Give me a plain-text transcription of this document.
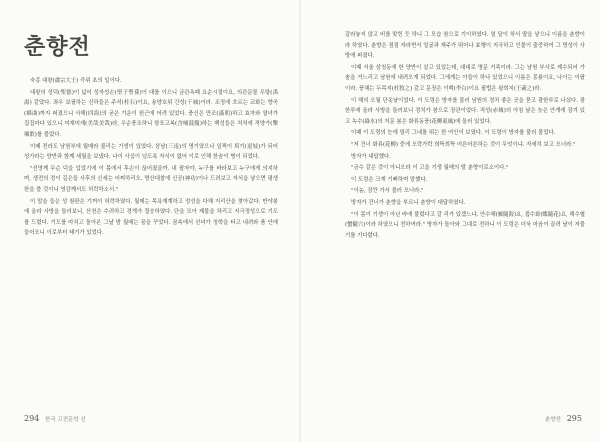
춘향전

숙종 대왕(肅宗大王) 즉위 초의 일이다.

대왕의 성덕(聖德)이 넓어 성자성손(聖子聖孫)이 대를 이으니 금관옥패 요순시절이요, 의관문물 우탕(禹湯) 같았다. 좌우 보필하는 신하들은 주석(柱石)이요, 용양호위 간성(干城)이라. 조정에 흐르는 교화는 향곡(鄕曲)까지 퍼졌으니 사해(四海)의 굳은 기운이 원근에 어려 있었다. 충신은 만조(滿朝)하고 효자와 열녀가 집집마다 있으니 미재미재(美哉美哉)라, 우순풍조하니 함포고복(含哺鼓腹)하는 백성들은 처처에 격양가(擊壤歌)를 불렀다.

이때 전라도 남원부에 월매라 불리는 기생이 있었다. 삼남(三南)의 명기였으나 일찍이 퇴기(退妓)가 되어 성가라는 양반과 함께 세월을 보냈다. 나이 사십이 넘도록 자식이 없어 이로 인해 한숨이 병이 되었다.

"선영께 무슨 덕을 입었기에 이 몸에서 후손이 끊어졌을까. 내 팔자야, 누구를 바라보고 누구에게 의지하며, 생전의 정이 깊은들 사후의 신세는 어찌하리오. 명산대찰에 신공(神功)이나 드려보고 자식을 낳으면 평생 한을 풀 것이니 영감께서도 허락하소서."

이 말을 들은 성 참판은 기꺼이 허락하였다. 월매는 목욕재계하고 정성을 다해 지리산을 찾아갔다. 반야봉에 올라 사방을 둘러보니, 산천은 수려하고 경개가 절승하였다. 단을 모아 제물을 차리고 지극정성으로 기도를 드렸다. 기도를 마치고 돌아온 그날 밤 월매는 꿈을 꾸었다. 꿈속에서 선녀가 청학을 타고 내려와 품 안에 들어오니 이로부터 태기가 있었다.

294 한국 고전문학 선

갈라놓지 않고 비를 맞힌 듯 하니 그 모습 참으로 기이하였다. 열 달이 차서 딸을 낳으니 이름을 춘향이라 하였다. 춘향은 점점 자라면서 얼굴과 재주가 뛰어나 효행이 지극하고 인물이 출중하여 그 명성이 사방에 퍼졌다.

이때 서울 삼청동에 한 양반이 살고 있었는데, 대대로 명문 거족이라. 그는 남원 부사로 제수되어 가솔을 거느리고 남원에 내려오게 되었다. 그에게는 아들이 하나 있었으니 이름은 몽룡이요, 나이는 이팔이라. 풍채는 두목지(杜牧之) 같고 문장은 이백(李白)이요 필법은 왕희지(王羲之)라.

이 해의 오월 단옷날이었다. 이 도령은 방자를 불러 남원의 경치 좋은 곳을 묻고 광한루로 나섰다. 광한루에 올라 사방을 둘러보니 경치가 참으로 장관이었다. 적성(赤城)의 아침 날은 늦은 안개에 잠겨 있고 녹수(綠水)의 저문 봄은 화류동풍(花柳東風)에 둘러 있었다.

이때 이 도령의 눈에 멀리 그네를 뛰는 한 여인이 보였다. 이 도령이 방자를 불러 물었다.

"저 건너 화류(花柳) 중에 오락가락 희뜩희뜩 어른어른하는 것이 무엇이냐. 자세히 보고 오너라."

방자가 대답했다.

"금수 같은 것이 아니오라 이 고을 기생 월매의 딸 춘향이로소이다."

이 도령은 크게 기뻐하며 말했다.

"이놈, 잠깐 가서 불러 오너라."

방자가 건너가 춘향을 부르니 춘향이 대답하였다.

"이 몸이 기생이 아닌 바에 불렀다고 갈 리가 있겠느냐. 안수해(雁隨海)요, 접수화(蝶隨花)요, 해수혈(蟹隨穴)이라 하였으니 전하여라." 방자가 돌아와 그대로 전하니 이 도령은 더욱 마음이 끌려 날이 저물기를 기다렸다.

춘향전 295
